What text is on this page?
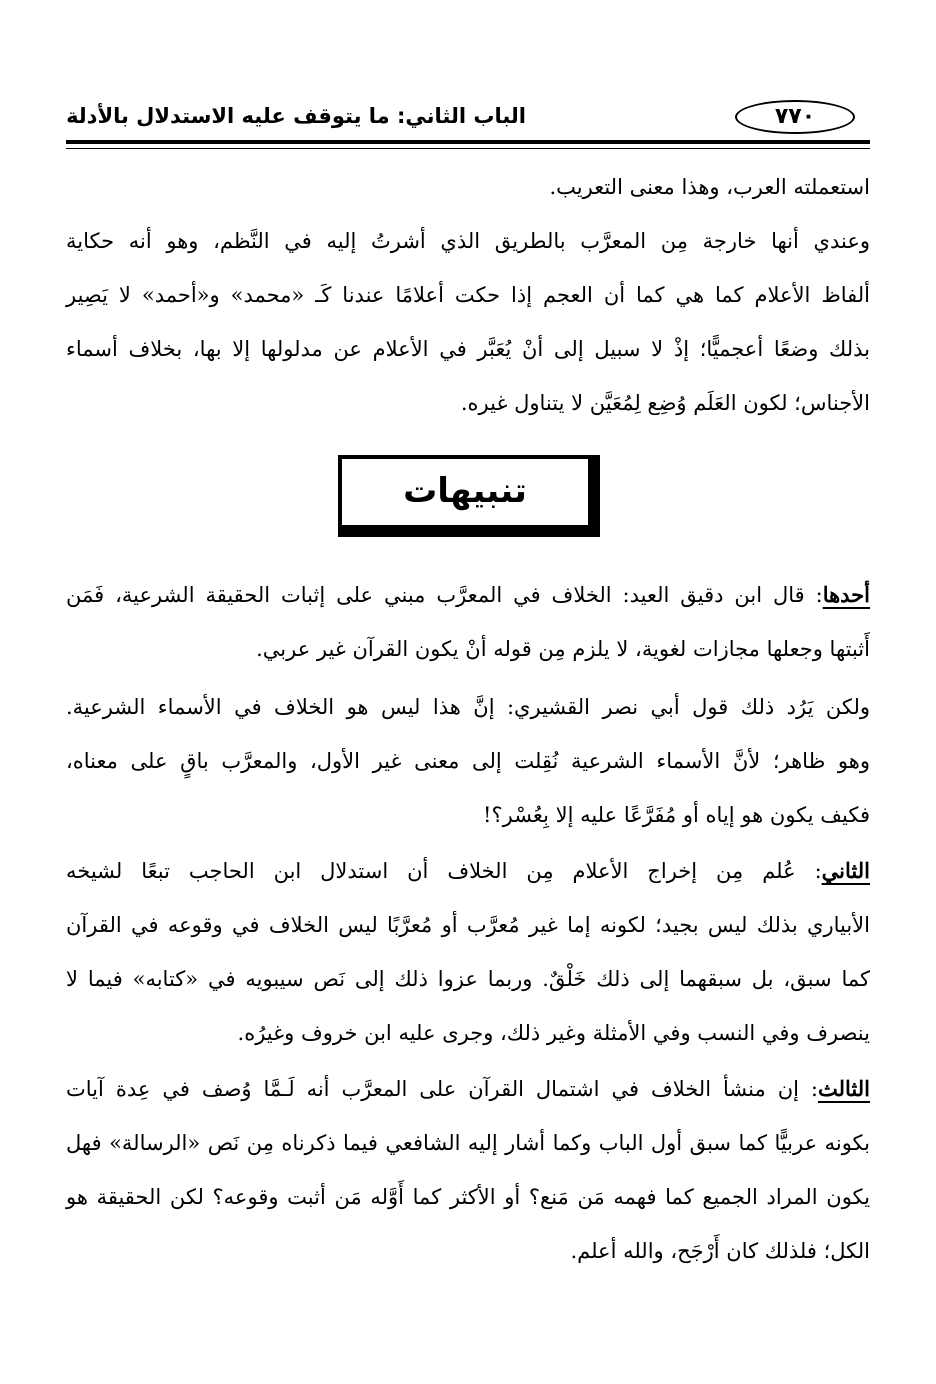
٧٧٠
الباب الثاني: ما يتوقف عليه الاستدلال بالأدلة
استعملته العرب، وهذا معنى التعريب.
وعندي أنها خارجة مِن المعرَّب بالطريق الذي أشرتُ إليه في النَّظم، وهو أنه حكاية
ألفاظ الأعلام كما هي كما أن العجم إذا حكت أعلامًا عندنا كَـ «محمد» و«أحمد» لا يَصِير
بذلك وضعًا أعجميًّا؛ إذْ لا سبيل إلى أنْ يُعَبَّر في الأعلام عن مدلولها إلا بها، بخلاف أسماء
الأجناس؛ لكون العَلَم وُضِع لِمُعَيَّن لا يتناول غيره.
تنبيهات
أحدها: قال ابن دقيق العيد: الخلاف في المعرَّب مبني على إثبات الحقيقة الشرعية، فَمَن
أَثبتها وجعلها مجازات لغوية، لا يلزم مِن قوله أنْ يكون القرآن غير عربي.
ولكن يَرُد ذلك قول أبي نصر القشيري: إنَّ هذا ليس هو الخلاف في الأسماء الشرعية.
وهو ظاهر؛ لأنَّ الأسماء الشرعية نُقِلت إلى معنى غير الأول، والمعرَّب باقٍ على معناه،
فكيف يكون هو إياه أو مُفَرَّعًا عليه إلا بِعُسْر؟!
الثاني: عُلم مِن إخراج الأعلام مِن الخلاف أن استدلال ابن الحاجب تبعًا لشيخه
الأبياري بذلك ليس بجيد؛ لكونه إما غير مُعرَّب أو مُعرَّبًا ليس الخلاف في وقوعه في القرآن
كما سبق، بل سبقهما إلى ذلك خَلْقٌ. وربما عزوا ذلك إلى نَص سيبويه في «كتابه» فيما لا
ينصرف وفي النسب وفي الأمثلة وغير ذلك، وجرى عليه ابن خروف وغيرُه.
الثالث: إن منشأ الخلاف في اشتمال القرآن على المعرَّب أنه لَـمَّا وُصف في عِدة آيات
بكونه عربيًّا كما سبق أول الباب وكما أشار إليه الشافعي فيما ذكرناه مِن نَص «الرسالة» فهل
يكون المراد الجميع كما فهمه مَن مَنع؟ أو الأكثر كما أَوَّله مَن أثبت وقوعه؟ لكن الحقيقة هو
الكل؛ فلذلك كان أَرْجَح، والله أعلم.
